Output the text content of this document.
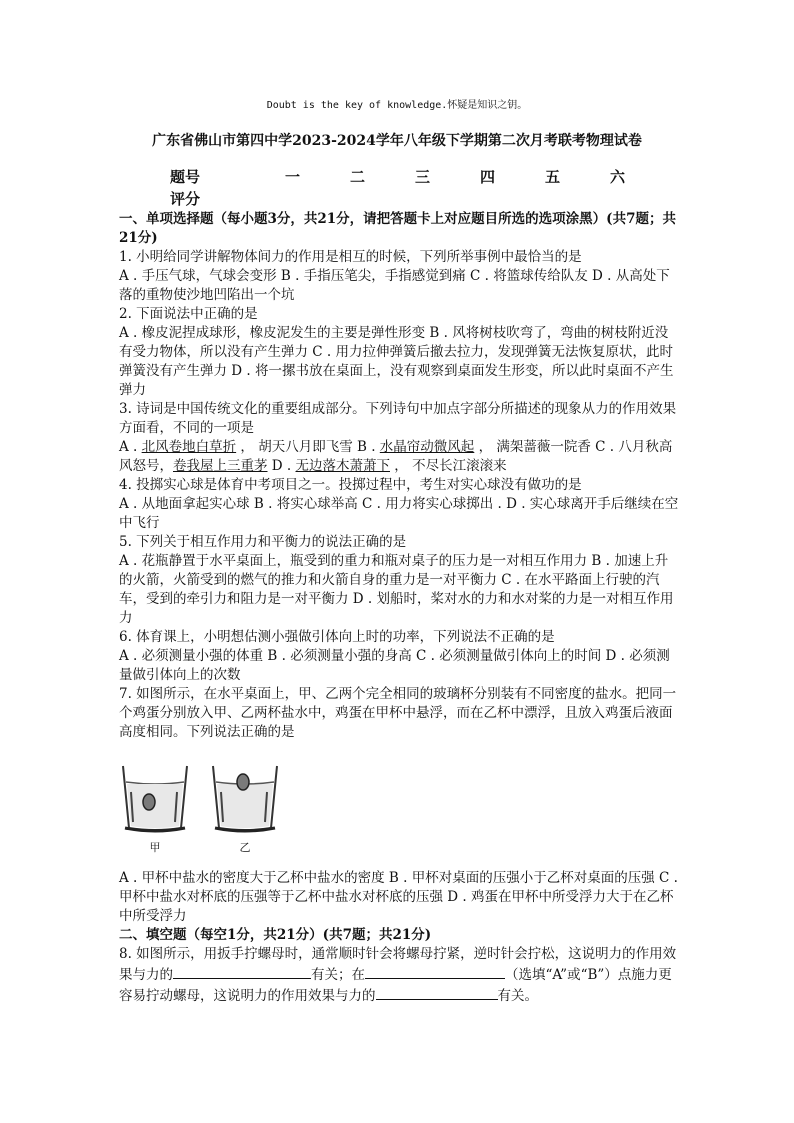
Doubt is the key of knowledge.怀疑是知识之钥。
广东省佛山市第四中学2023-2024学年八年级下学期第二次月考联考物理试卷
题号	一	二	三	四	五	六
评分

一、单项选择题（每小题3分，共21分，请把答题卡上对应题目所选的选项涂黑）(共7题；共21分)

1. 小明给同学讲解物体间力的作用是相互的时候，下列所举事例中最恰当的是

A . 手压气球，气球会变形 B . 手指压笔尖，手指感觉到痛 C . 将篮球传给队友 D . 从高处下落的重物使沙地凹陷出一个坑

2. 下面说法中正确的是

A . 橡皮泥捏成球形，橡皮泥发生的主要是弹性形变 B . 风将树枝吹弯了，弯曲的树枝附近没有受力物体，所以没有产生弹力 C . 用力拉伸弹簧后撤去拉力，发现弹簧无法恢复原状，此时弹簧没有产生弹力 D . 将一摞书放在桌面上，没有观察到桌面发生形变，所以此时桌面不产生弹力

3. 诗词是中国传统文化的重要组成部分。下列诗句中加点字部分所描述的现象从力的作用效果方面看，不同的一项是

A . 北风卷地白草折 ， 胡天八月即飞雪 B . 水晶帘动微风起 ， 满架蔷薇一院香 C . 八月秋高风怒号，卷我屋上三重茅 D . 无边落木萧萧下 ， 不尽长江滚滚来

4. 投掷实心球是体育中考项目之一。投掷过程中，考生对实心球没有做功的是

A . 从地面拿起实心球 B . 将实心球举高 C . 用力将实心球掷出 . D . 实心球离开手后继续在空中飞行

5. 下列关于相互作用力和平衡力的说法正确的是

A . 花瓶静置于水平桌面上，瓶受到的重力和瓶对桌子的压力是一对相互作用力 B . 加速上升的火箭，火箭受到的燃气的推力和火箭自身的重力是一对平衡力 C . 在水平路面上行驶的汽车，受到的牵引力和阻力是一对平衡力 D . 划船时，桨对水的力和水对桨的力是一对相互作用力

6. 体育课上，小明想估测小强做引体向上时的功率，下列说法不正确的是

A . 必须测量小强的体重 B . 必须测量小强的身高 C . 必须测量做引体向上的时间 D . 必须测量做引体向上的次数

7. 如图所示，在水平桌面上，甲、乙两个完全相同的玻璃杯分别装有不同密度的盐水。把同一个鸡蛋分别放入甲、乙两杯盐水中，鸡蛋在甲杯中悬浮，而在乙杯中漂浮，且放入鸡蛋后液面高度相同。下列说法正确的是

甲	乙

A . 甲杯中盐水的密度大于乙杯中盐水的密度 B . 甲杯对桌面的压强小于乙杯对桌面的压强 C . 甲杯中盐水对杯底的压强等于乙杯中盐水对杯底的压强 D . 鸡蛋在甲杯中所受浮力大于在乙杯中所受浮力

二、填空题（每空1分，共21分）(共7题；共21分)

8. 如图所示，用扳手拧螺母时，通常顺时针会将螺母拧紧，逆时针会拧松，这说明力的作用效果与力的	有关；在	（选填“A”或“B”）点施力更容易拧动螺母，这说明力的作用效果与力的	有关。
